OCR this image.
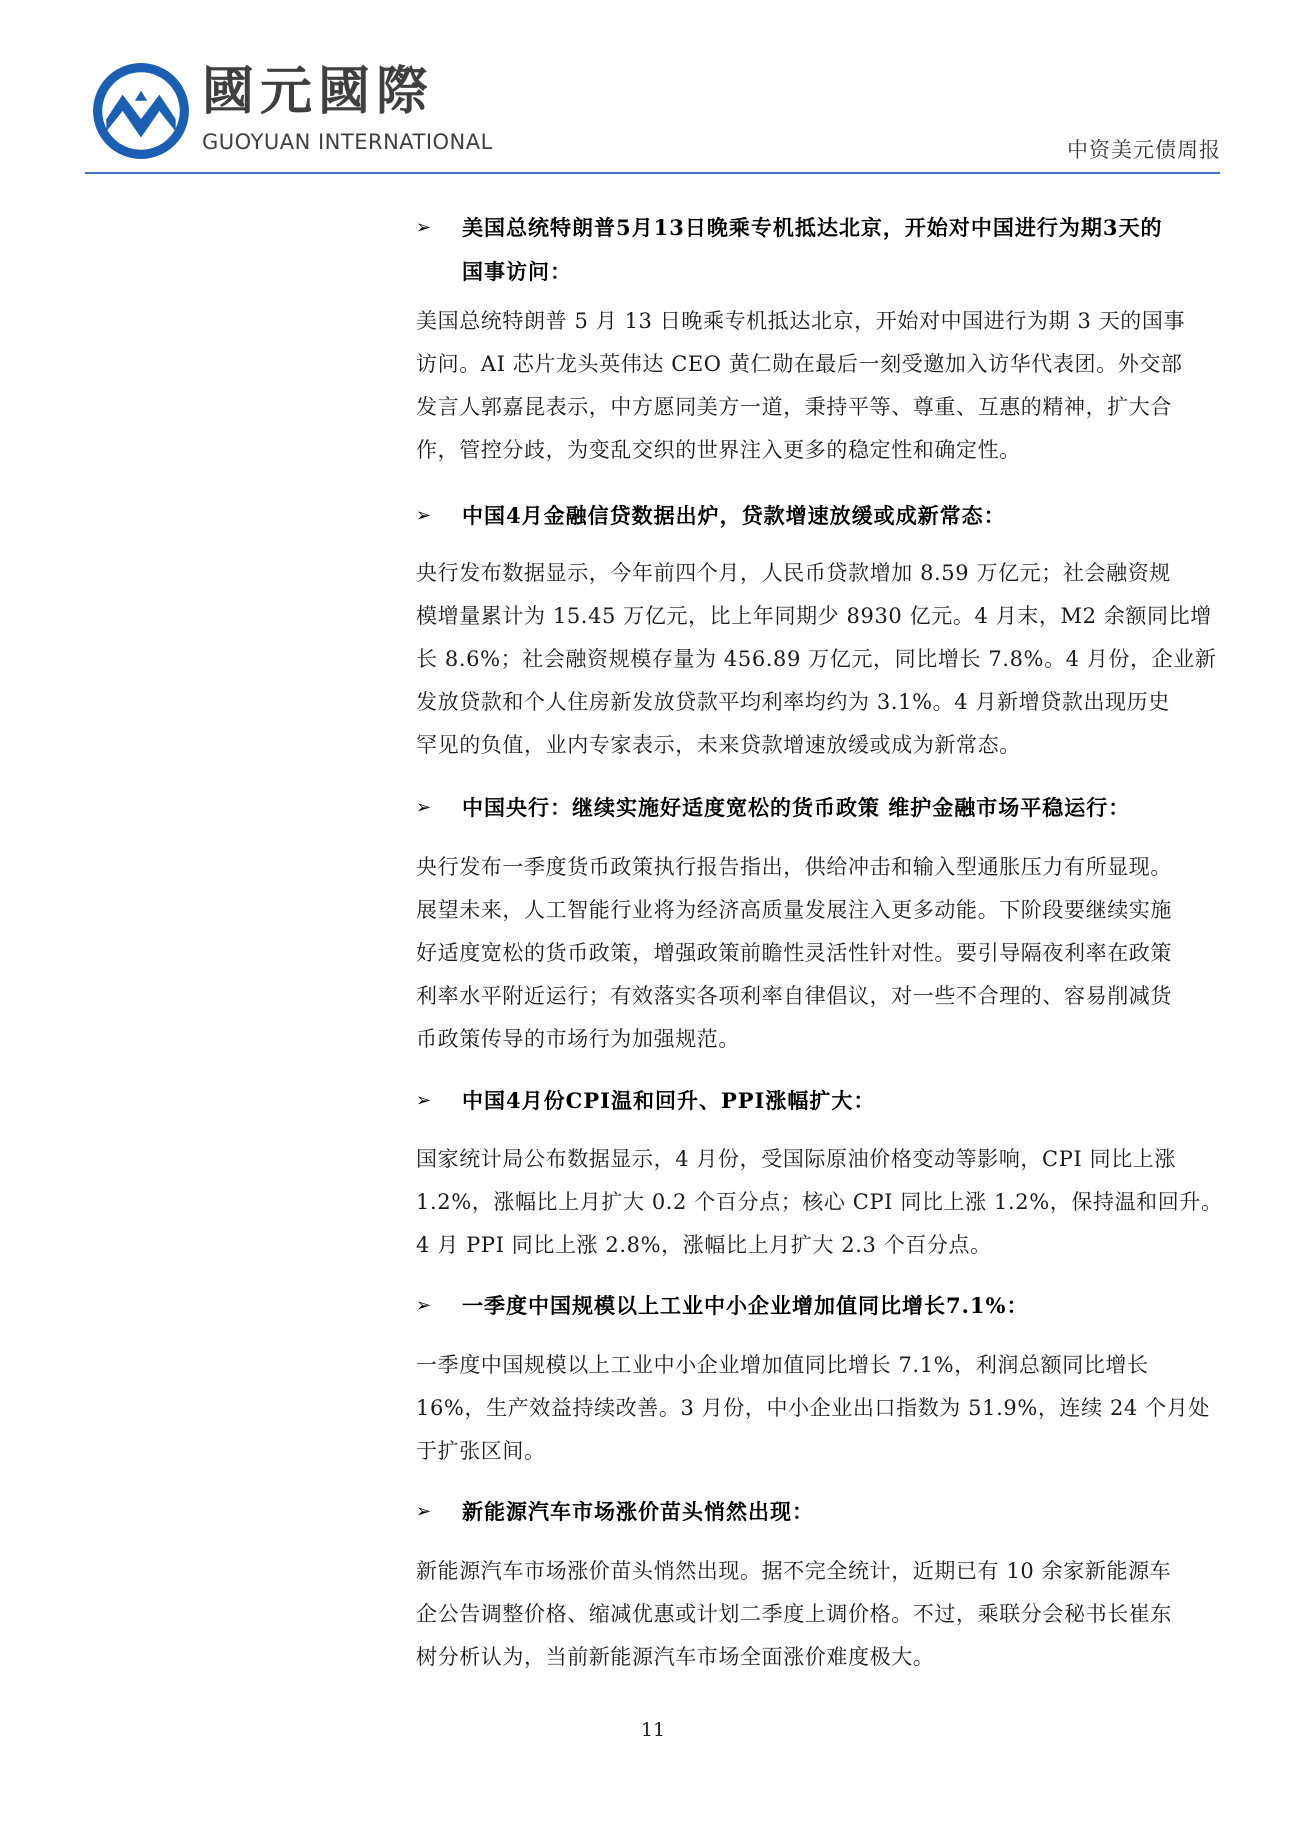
國元國際
GUOYUAN INTERNATIONAL	中资美元债周报
➢ 美国总统特朗普5月13日晚乘专机抵达北京，开始对中国进行为期3天的
国事访问：
美国总统特朗普 5 月 13 日晚乘专机抵达北京，开始对中国进行为期 3 天的国事
访问。AI 芯片龙头英伟达 CEO 黄仁勋在最后一刻受邀加入访华代表团。外交部
发言人郭嘉昆表示，中方愿同美方一道，秉持平等、尊重、互惠的精神，扩大合
作，管控分歧，为变乱交织的世界注入更多的稳定性和确定性。
➢ 中国4月金融信贷数据出炉，贷款增速放缓或成新常态：
央行发布数据显示，今年前四个月，人民币贷款增加 8.59 万亿元；社会融资规
模增量累计为 15.45 万亿元，比上年同期少 8930 亿元。4 月末，M2 余额同比增
长 8.6%；社会融资规模存量为 456.89 万亿元，同比增长 7.8%。4 月份，企业新
发放贷款和个人住房新发放贷款平均利率均约为 3.1%。4 月新增贷款出现历史
罕见的负值，业内专家表示，未来贷款增速放缓或成为新常态。
➢ 中国央行：继续实施好适度宽松的货币政策 维护金融市场平稳运行：
央行发布一季度货币政策执行报告指出，供给冲击和输入型通胀压力有所显现。
展望未来，人工智能行业将为经济高质量发展注入更多动能。下阶段要继续实施
好适度宽松的货币政策，增强政策前瞻性灵活性针对性。要引导隔夜利率在政策
利率水平附近运行；有效落实各项利率自律倡议，对一些不合理的、容易削减货
币政策传导的市场行为加强规范。
➢ 中国4月份CPI温和回升、PPI涨幅扩大：
国家统计局公布数据显示，4 月份，受国际原油价格变动等影响，CPI 同比上涨
1.2%，涨幅比上月扩大 0.2 个百分点；核心 CPI 同比上涨 1.2%，保持温和回升。
4 月 PPI 同比上涨 2.8%，涨幅比上月扩大 2.3 个百分点。
➢ 一季度中国规模以上工业中小企业增加值同比增长7.1%：
一季度中国规模以上工业中小企业增加值同比增长 7.1%，利润总额同比增长
16%，生产效益持续改善。3 月份，中小企业出口指数为 51.9%，连续 24 个月处
于扩张区间。
➢ 新能源汽车市场涨价苗头悄然出现：
新能源汽车市场涨价苗头悄然出现。据不完全统计，近期已有 10 余家新能源车
企公告调整价格、缩减优惠或计划二季度上调价格。不过，乘联分会秘书长崔东
树分析认为，当前新能源汽车市场全面涨价难度极大。
11
